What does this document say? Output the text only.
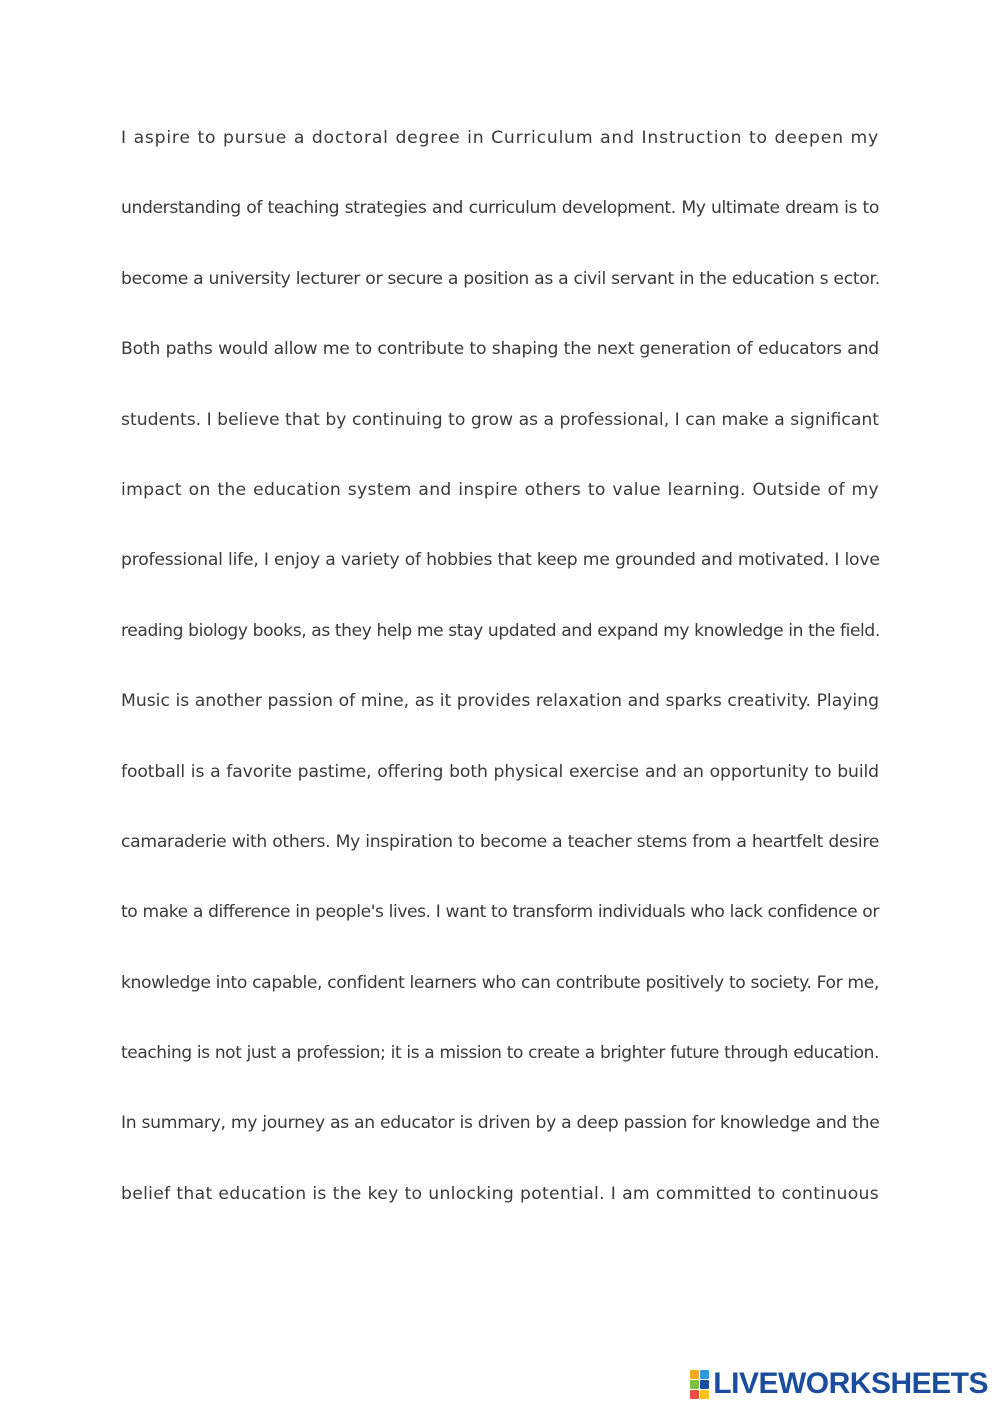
I aspire to pursue a doctoral degree in Curriculum and Instruction to deepen my
understanding of teaching strategies and curriculum development. My ultimate dream is to
become a university lecturer or secure a position as a civil servant in the education s ector.
Both paths would allow me to contribute to shaping the next generation of educators and
students. I believe that by continuing to grow as a professional, I can make a significant
impact on the education system and inspire others to value learning. Outside of my
professional life, I enjoy a variety of hobbies that keep me grounded and motivated. I love
reading biology books, as they help me stay updated and expand my knowledge in the field.
Music is another passion of mine, as it provides relaxation and sparks creativity. Playing
football is a favorite pastime, offering both physical exercise and an opportunity to build
camaraderie with others. My inspiration to become a teacher stems from a heartfelt desire
to make a difference in people's lives. I want to transform individuals who lack confidence or
knowledge into capable, confident learners who can contribute positively to society. For me,
teaching is not just a profession; it is a mission to create a brighter future through education.
In summary, my journey as an educator is driven by a deep passion for knowledge and the
belief that education is the key to unlocking potential. I am committed to continuous
LIVEWORKSHEETS
